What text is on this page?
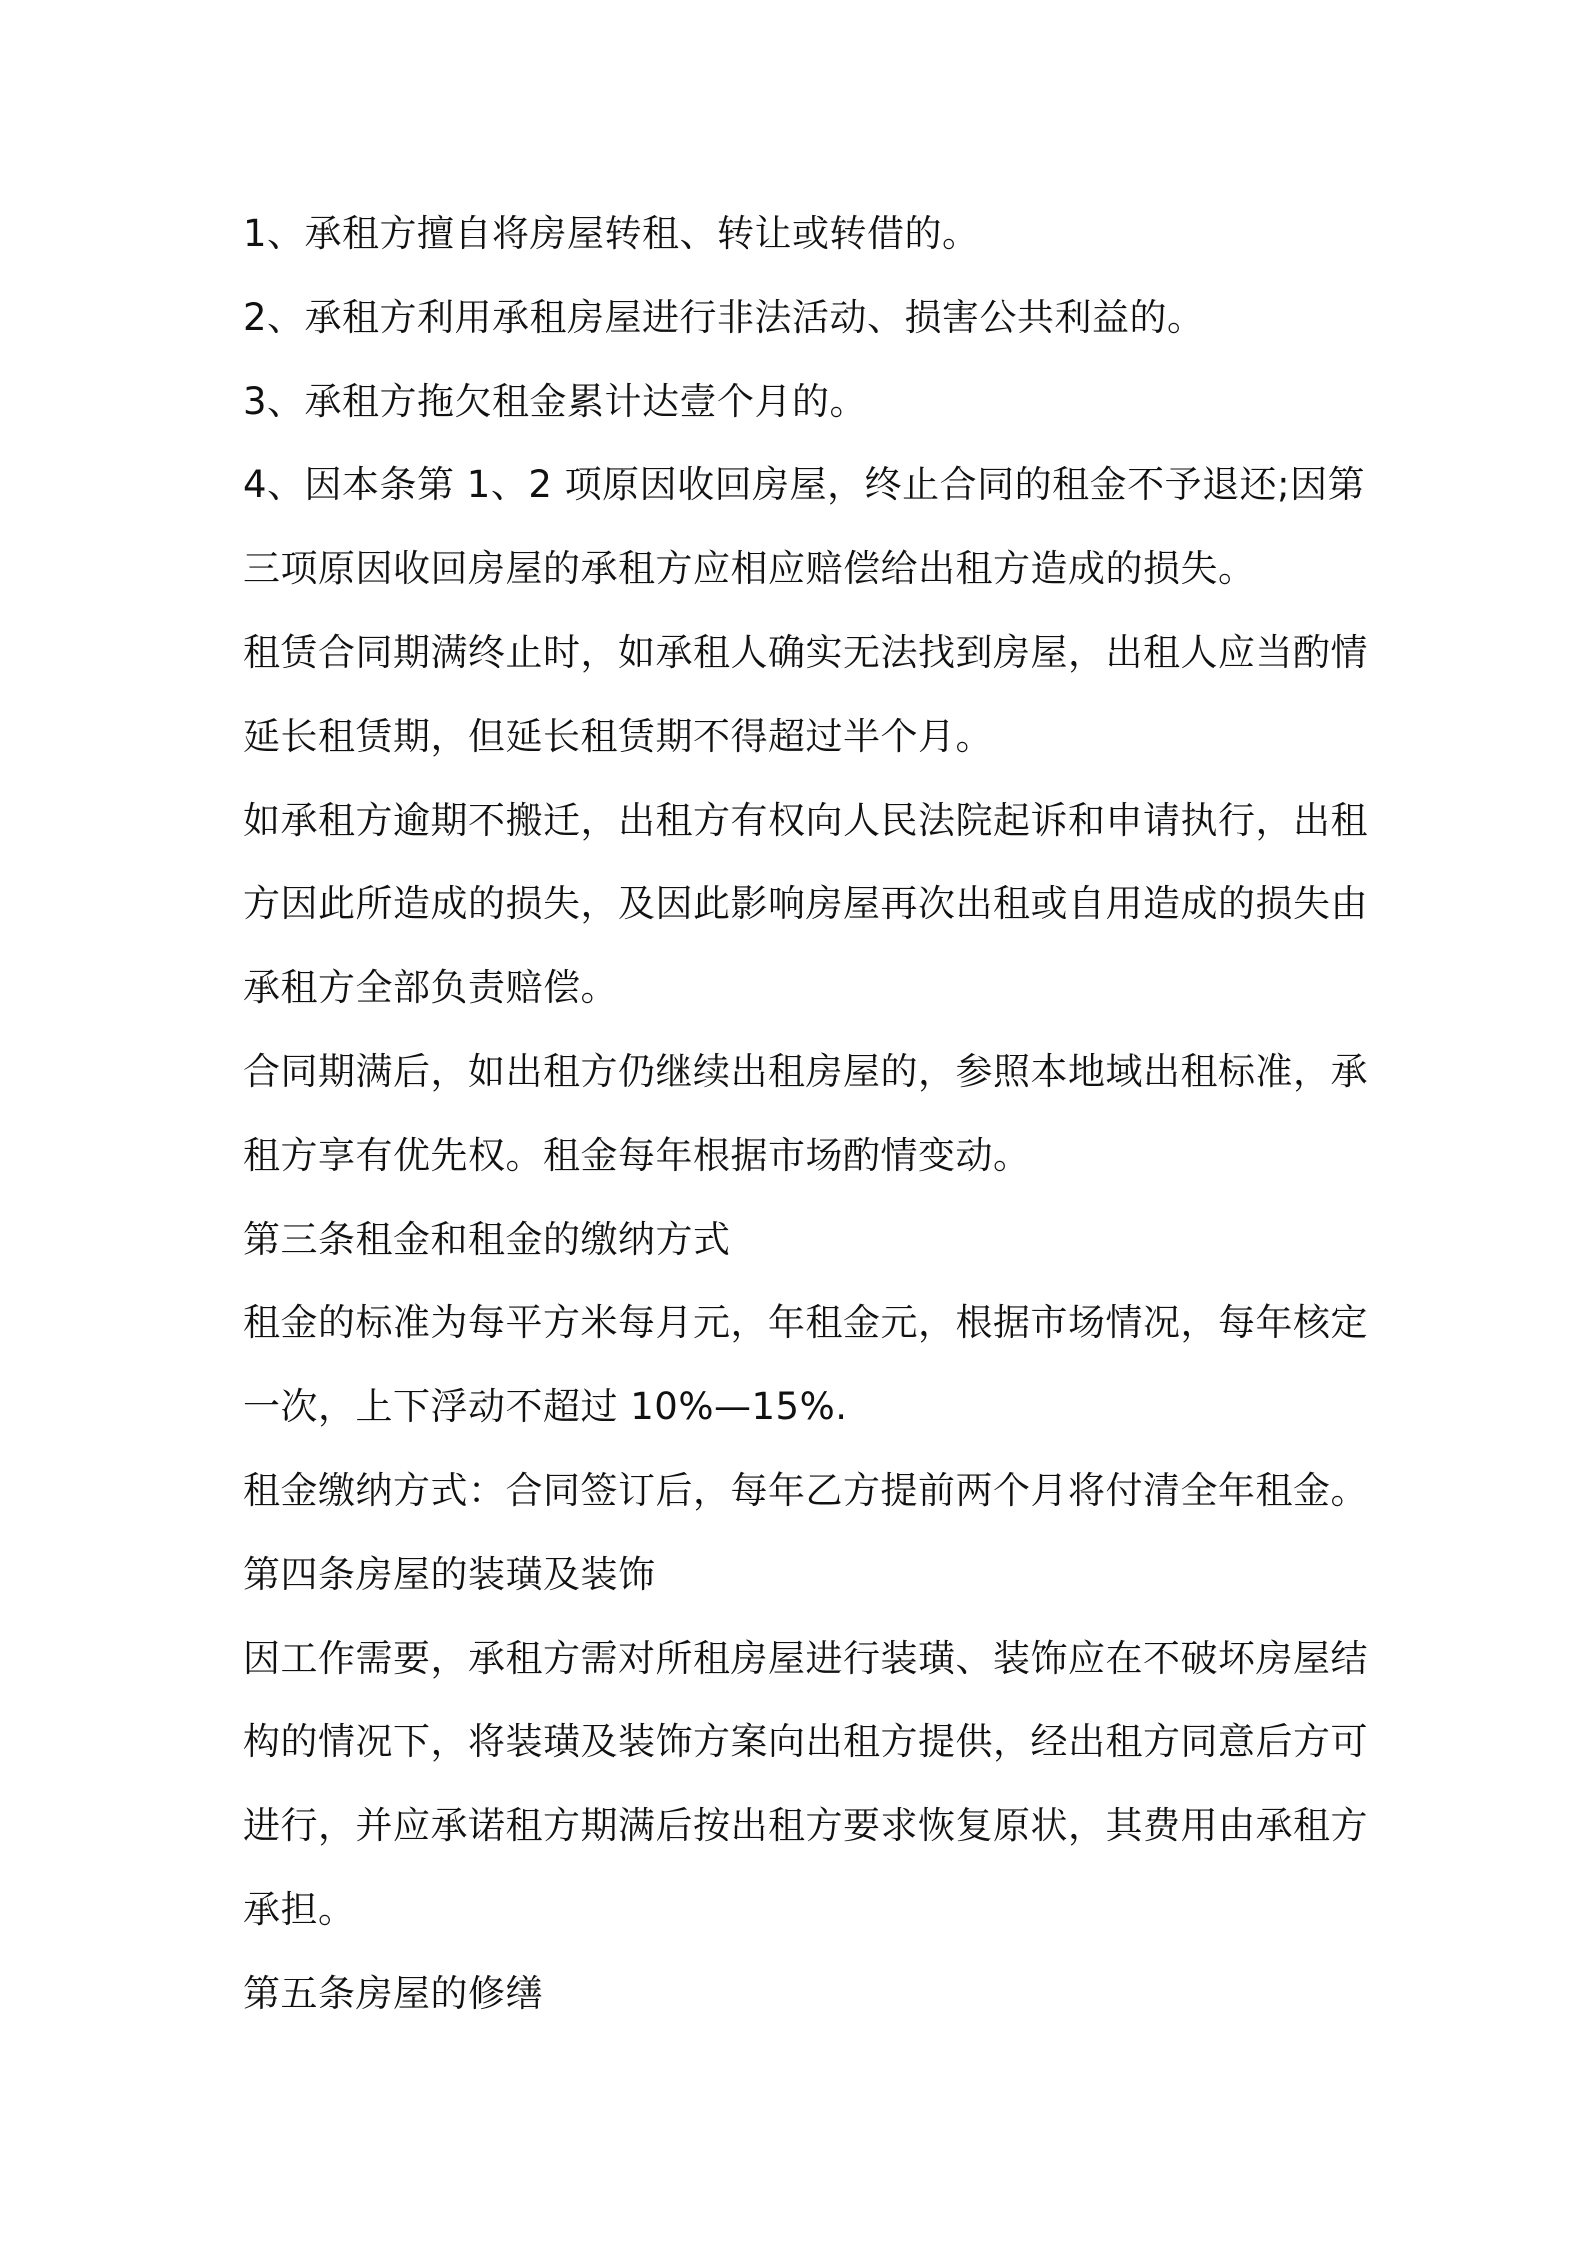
1、承租方擅自将房屋转租、转让或转借的。
2、承租方利用承租房屋进行非法活动、损害公共利益的。
3、承租方拖欠租金累计达壹个月的。
4、因本条第 1、2 项原因收回房屋，终止合同的租金不予退还;因第
三项原因收回房屋的承租方应相应赔偿给出租方造成的损失。
租赁合同期满终止时，如承租人确实无法找到房屋，出租人应当酌情
延长租赁期，但延长租赁期不得超过半个月。
如承租方逾期不搬迁，出租方有权向人民法院起诉和申请执行，出租
方因此所造成的损失，及因此影响房屋再次出租或自用造成的损失由
承租方全部负责赔偿。
合同期满后，如出租方仍继续出租房屋的，参照本地域出租标准，承
租方享有优先权。租金每年根据市场酌情变动。
第三条租金和租金的缴纳方式
租金的标准为每平方米每月元，年租金元，根据市场情况，每年核定
一次，上下浮动不超过 10%—15%.
租金缴纳方式：合同签订后，每年乙方提前两个月将付清全年租金。
第四条房屋的装璜及装饰
因工作需要，承租方需对所租房屋进行装璜、装饰应在不破坏房屋结
构的情况下，将装璜及装饰方案向出租方提供，经出租方同意后方可
进行，并应承诺租方期满后按出租方要求恢复原状，其费用由承租方
承担。
第五条房屋的修缮
